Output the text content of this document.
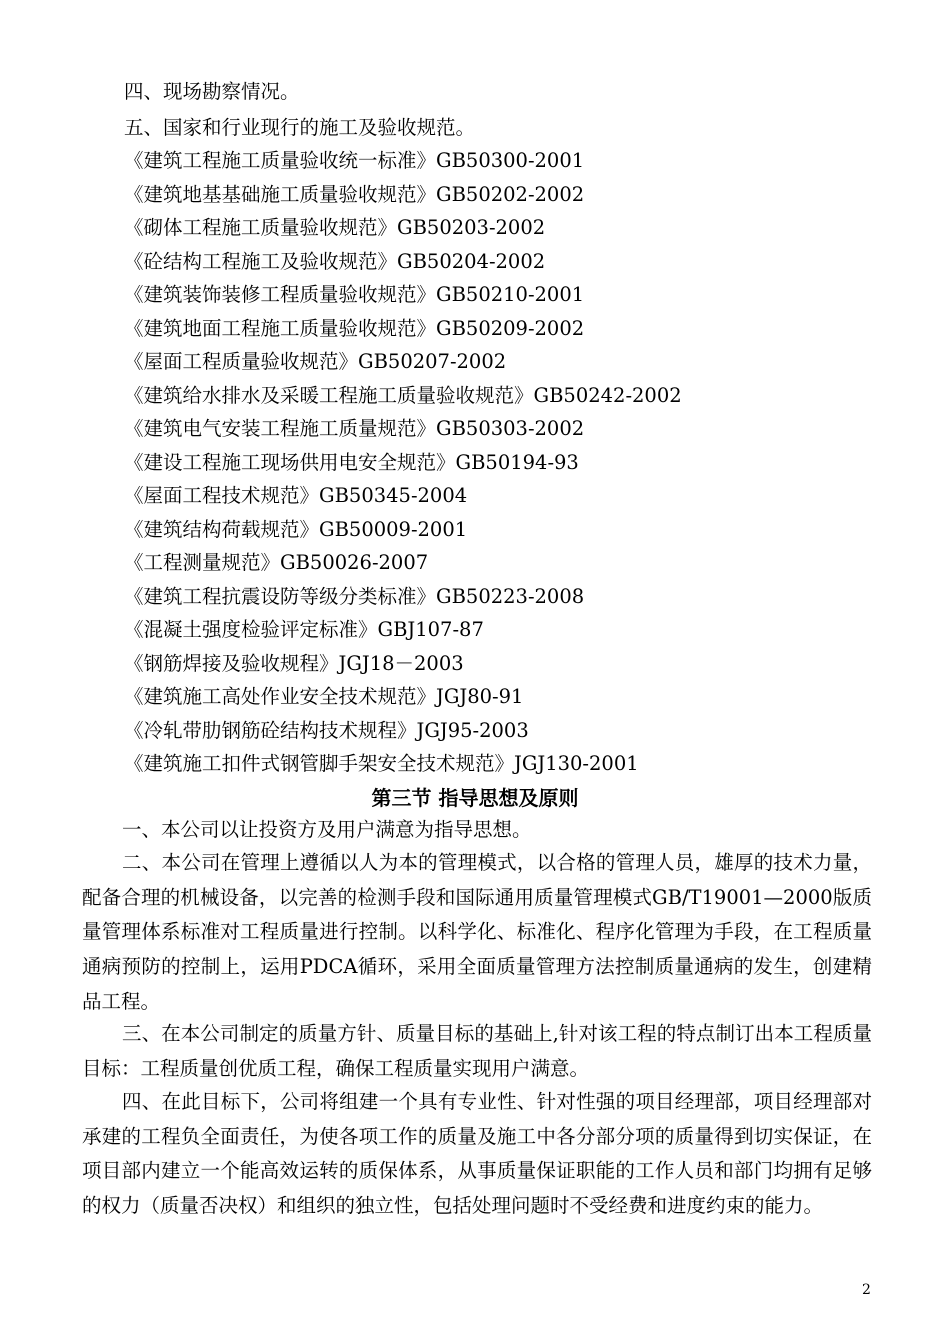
四、现场勘察情况。
五、国家和行业现行的施工及验收规范。
《建筑工程施工质量验收统一标准》GB50300-2001
《建筑地基基础施工质量验收规范》GB50202-2002
《砌体工程施工质量验收规范》GB50203-2002
《砼结构工程施工及验收规范》GB50204-2002
《建筑装饰装修工程质量验收规范》GB50210-2001
《建筑地面工程施工质量验收规范》GB50209-2002
《屋面工程质量验收规范》GB50207-2002
《建筑给水排水及采暖工程施工质量验收规范》GB50242-2002
《建筑电气安装工程施工质量规范》GB50303-2002
《建设工程施工现场供用电安全规范》GB50194-93
《屋面工程技术规范》GB50345-2004
《建筑结构荷载规范》GB50009-2001
《工程测量规范》GB50026-2007
《建筑工程抗震设防等级分类标准》GB50223-2008
《混凝土强度检验评定标准》GBJ107-87
《钢筋焊接及验收规程》JGJ18－2003
《建筑施工高处作业安全技术规范》JGJ80-91
《冷轧带肋钢筋砼结构技术规程》JGJ95-2003
《建筑施工扣件式钢管脚手架安全技术规范》JGJ130-2001
第三节 指导思想及原则

一、本公司以让投资方及用户满意为指导思想。

二、本公司在管理上遵循以人为本的管理模式，以合格的管理人员，雄厚的技术力量，配备合理的机械设备，以完善的检测手段和国际通用质量管理模式GB/T19001—2000版质量管理体系标准对工程质量进行控制。以科学化、标准化、程序化管理为手段，在工程质量通病预防的控制上，运用PDCA循环，采用全面质量管理方法控制质量通病的发生，创建精品工程。

三、在本公司制定的质量方针、质量目标的基础上,针对该工程的特点制订出本工程质量目标：工程质量创优质工程，确保工程质量实现用户满意。

四、在此目标下，公司将组建一个具有专业性、针对性强的项目经理部，项目经理部对承建的工程负全面责任，为使各项工作的质量及施工中各分部分项的质量得到切实保证，在项目部内建立一个能高效运转的质保体系，从事质量保证职能的工作人员和部门均拥有足够的权力（质量否决权）和组织的独立性，包括处理问题时不受经费和进度约束的能力。

2
